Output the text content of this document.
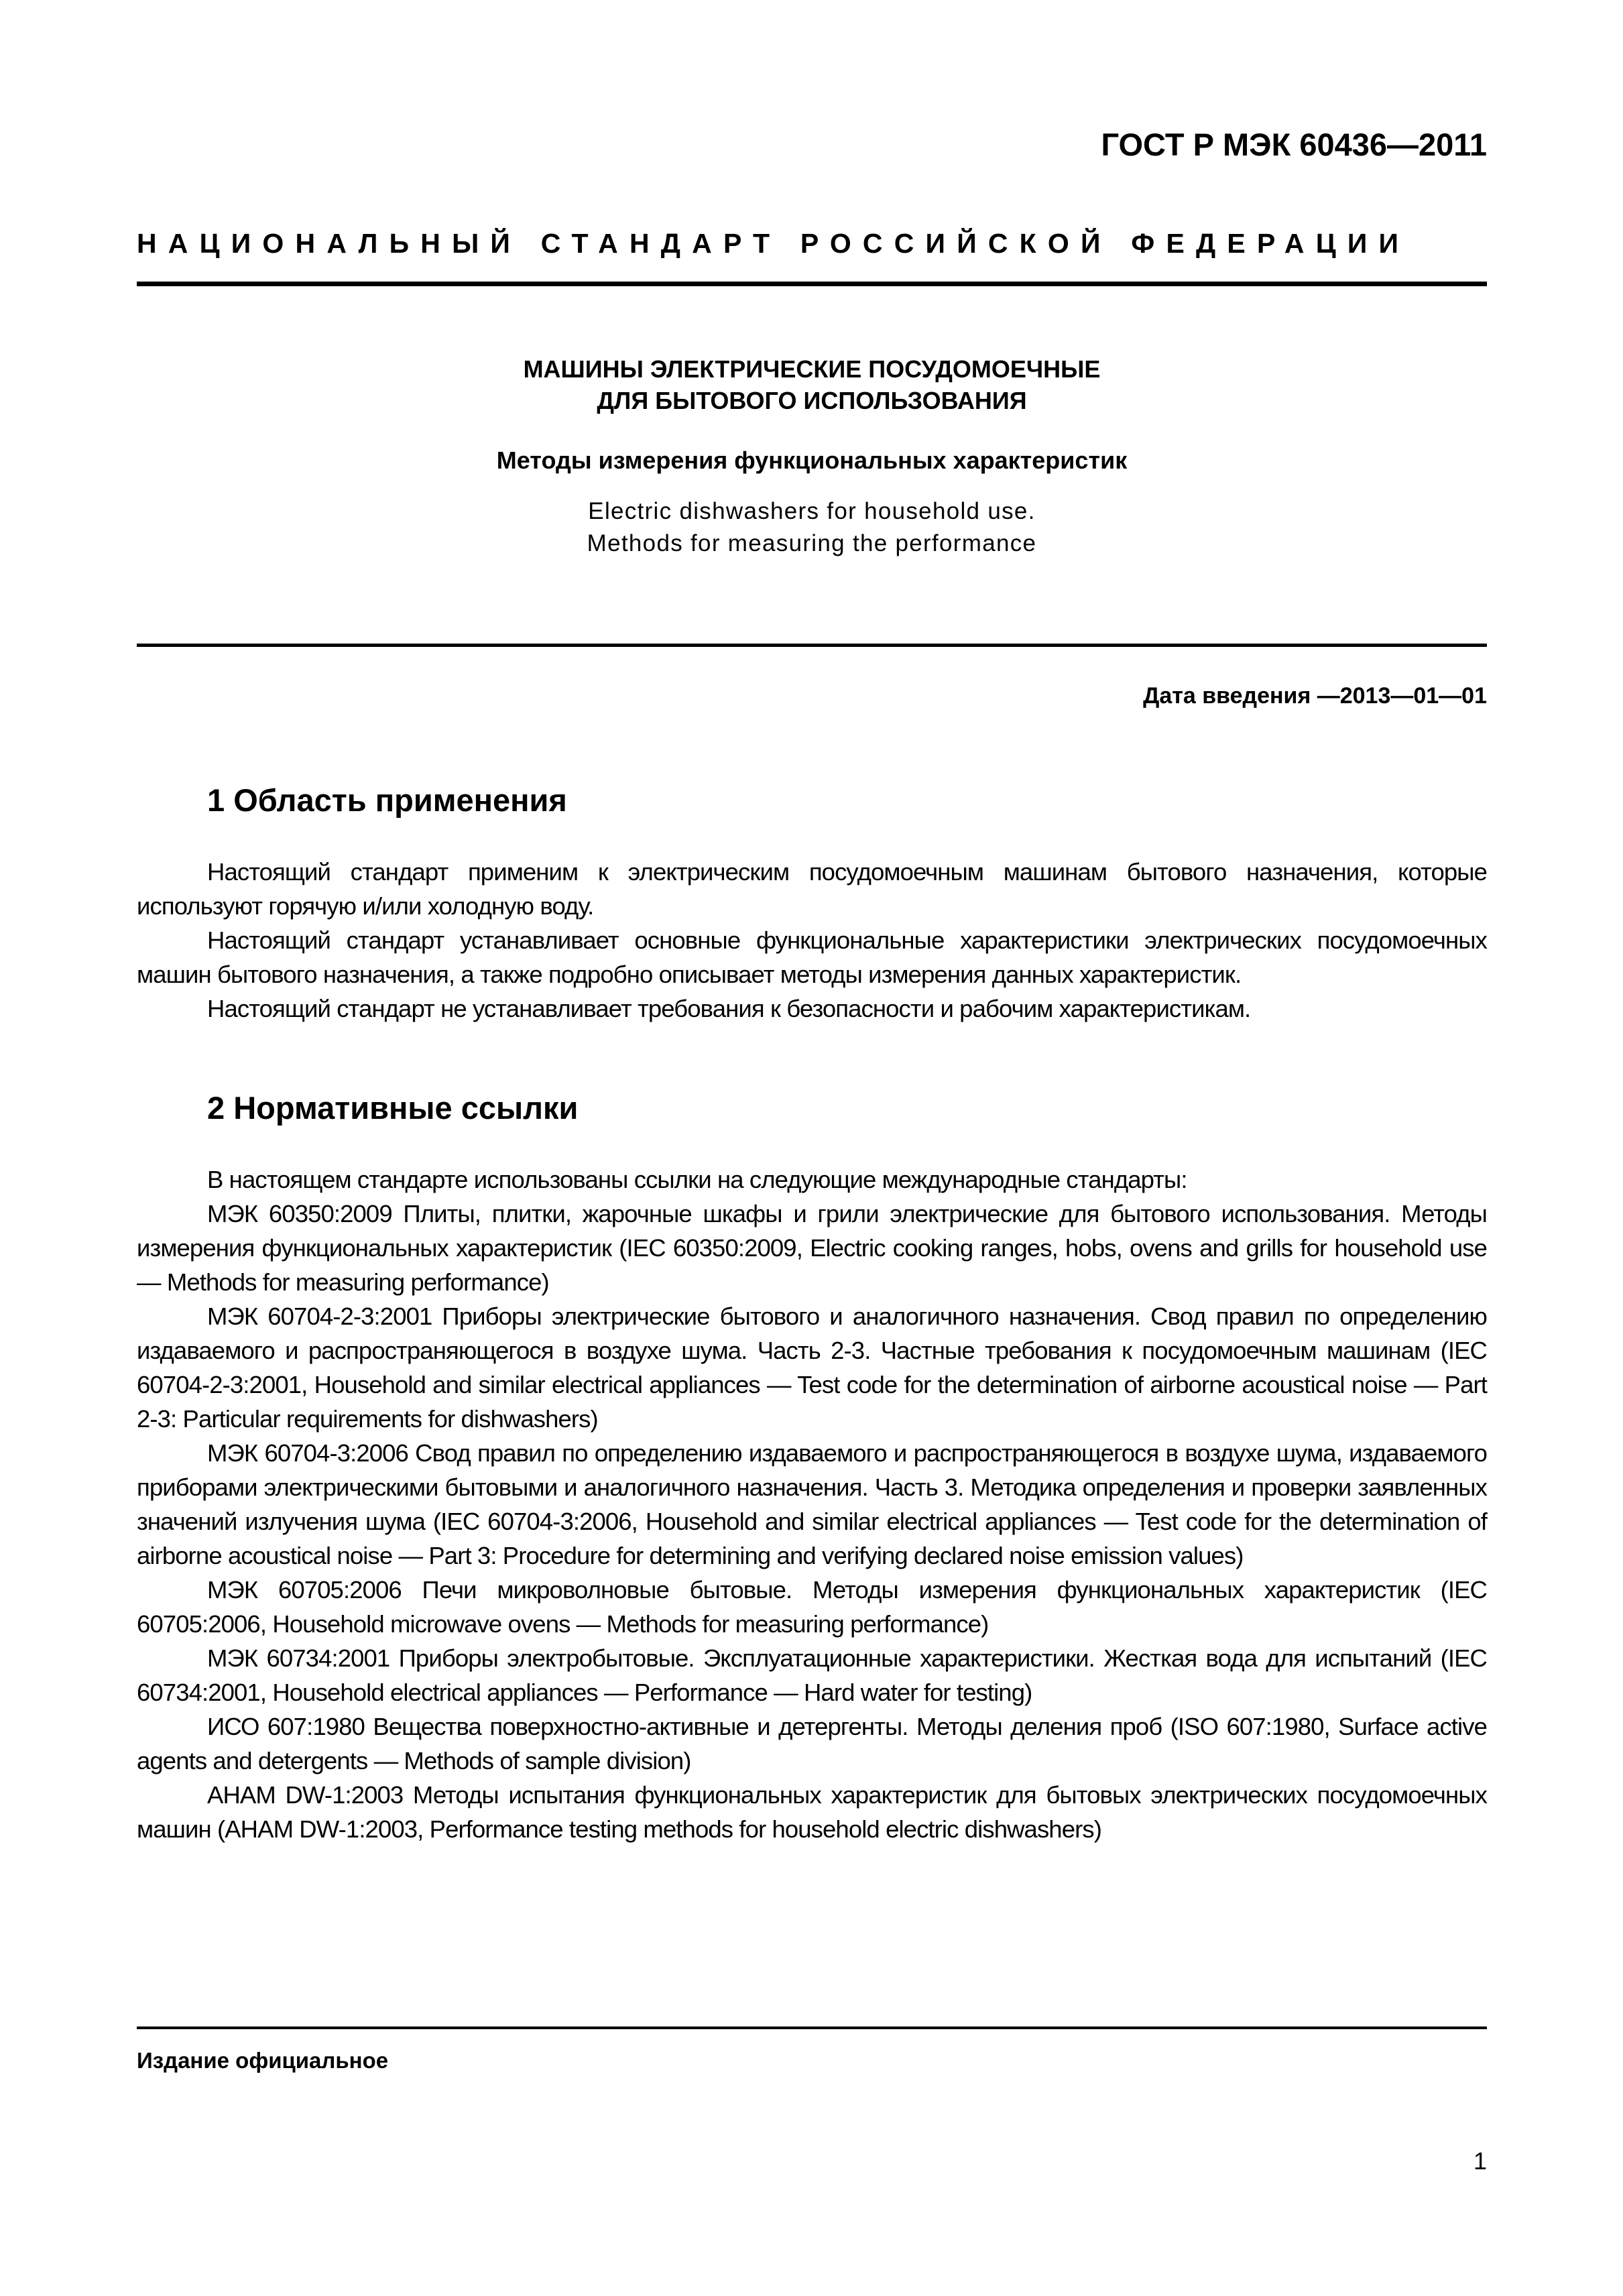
ГОСТ Р МЭК 60436—2011
НАЦИОНАЛЬНЫЙ СТАНДАРТ РОССИЙСКОЙ ФЕДЕРАЦИИ

МАШИНЫ ЭЛЕКТРИЧЕСКИЕ ПОСУДОМОЕЧНЫЕ
ДЛЯ БЫТОВОГО ИСПОЛЬЗОВАНИЯ

Методы измерения функциональных характеристик

Electric dishwashers for household use.
Methods for measuring the performance

Дата введения —2013—01—01
1 Область применения

Настоящий стандарт применим к электрическим посудомоечным машинам бытового назначения, которые используют горячую и/или холодную воду.

Настоящий стандарт устанавливает основные функциональные характеристики электрических посудомоечных машин бытового назначения, а также подробно описывает методы измерения данных характеристик.

Настоящий стандарт не устанавливает требования к безопасности и рабочим характеристикам.

2 Нормативные ссылки

В настоящем стандарте использованы ссылки на следующие международные стандарты:

МЭК 60350:2009 Плиты, плитки, жарочные шкафы и грили электрические для бытового использования. Методы измерения функциональных характеристик (IEC 60350:2009, Electric cooking ranges, hobs, ovens and grills for household use — Methods for measuring performance)

МЭК 60704-2-3:2001 Приборы электрические бытового и аналогичного назначения. Свод правил по определению издаваемого и распространяющегося в воздухе шума. Часть 2-3. Частные требования к посудомоечным машинам (IEC 60704-2-3:2001, Household and similar electrical appliances — Test code for the determination of airborne acoustical noise — Part 2-3: Particular requirements for dishwashers)

МЭК 60704-3:2006 Свод правил по определению издаваемого и распространяющегося в воздухе шума, издаваемого приборами электрическими бытовыми и аналогичного назначения. Часть 3. Методика определения и проверки заявленных значений излучения шума (IEC 60704-3:2006, Household and similar electrical appliances — Test code for the determination of airborne acoustical noise — Part 3: Procedure for determining and verifying declared noise emission values)

МЭК 60705:2006 Печи микроволновые бытовые. Методы измерения функциональных характеристик (IEC 60705:2006, Household microwave ovens — Methods for measuring performance)

МЭК 60734:2001 Приборы электробытовые. Эксплуатационные характеристики. Жесткая вода для испытаний (IEC 60734:2001, Household electrical appliances — Performance — Hard water for testing)

ИСО 607:1980 Вещества поверхностно-активные и детергенты. Методы деления проб (ISO 607:1980, Surface active agents and detergents — Methods of sample division)

AHAM DW-1:2003 Методы испытания функциональных характеристик для бытовых электрических посудомоечных машин (AHAM DW-1:2003, Performance testing methods for household electric dishwashers)

Издание официальное
1
